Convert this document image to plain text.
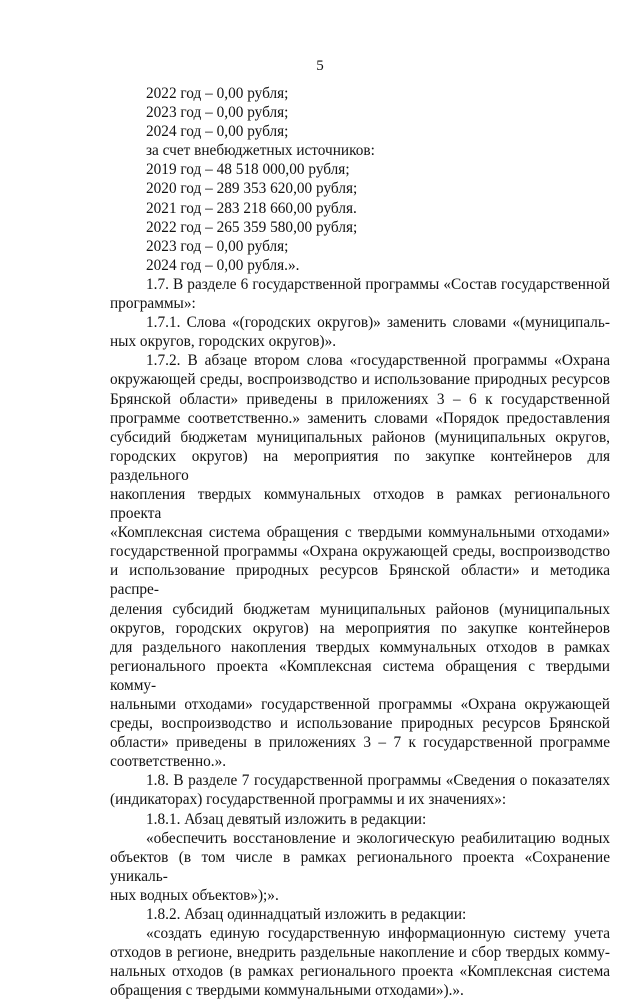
5
2022 год – 0,00 рубля;
2023 год – 0,00 рубля;
2024 год – 0,00 рубля;
за счет внебюджетных источников:
2019 год – 48 518 000,00 рубля;
2020 год – 289 353 620,00 рубля;
2021 год – 283 218 660,00 рубля.
2022 год – 265 359 580,00 рубля;
2023 год – 0,00 рубля;
2024 год – 0,00 рубля.».
1.7. В разделе 6 государственной программы «Состав государственной
программы»:
1.7.1. Слова «(городских округов)» заменить словами «(муниципаль-
ных округов, городских округов)».
1.7.2. В абзаце втором слова «государственной программы «Охрана
окружающей среды, воспроизводство и использование природных ресурсов
Брянской области» приведены в приложениях 3 – 6 к государственной
программе соответственно.» заменить словами «Порядок предоставления
субсидий бюджетам муниципальных районов (муниципальных округов,
городских округов) на мероприятия по закупке контейнеров для раздельного
накопления твердых коммунальных отходов в рамках регионального проекта
«Комплексная система обращения с твердыми коммунальными отходами»
государственной программы «Охрана окружающей среды, воспроизводство
и использование природных ресурсов Брянской области» и методика распре-
деления субсидий бюджетам муниципальных районов (муниципальных
округов, городских округов) на мероприятия по закупке контейнеров
для раздельного накопления твердых коммунальных отходов в рамках
регионального проекта «Комплексная система обращения с твердыми комму-
нальными отходами» государственной программы «Охрана окружающей
среды, воспроизводство и использование природных ресурсов Брянской
области» приведены в приложениях 3 – 7 к государственной программе
соответственно.».
1.8. В разделе 7 государственной программы «Сведения о показателях
(индикаторах) государственной программы и их значениях»:
1.8.1. Абзац девятый изложить в редакции:
«обеспечить восстановление и экологическую реабилитацию водных
объектов (в том числе в рамках регионального проекта «Сохранение уникаль-
ных водных объектов»);».
1.8.2. Абзац одиннадцатый изложить в редакции:
«создать единую государственную информационную систему учета
отходов в регионе, внедрить раздельные накопление и сбор твердых комму-
нальных отходов (в рамках регионального проекта «Комплексная система
обращения с твердыми коммунальными отходами»).».
